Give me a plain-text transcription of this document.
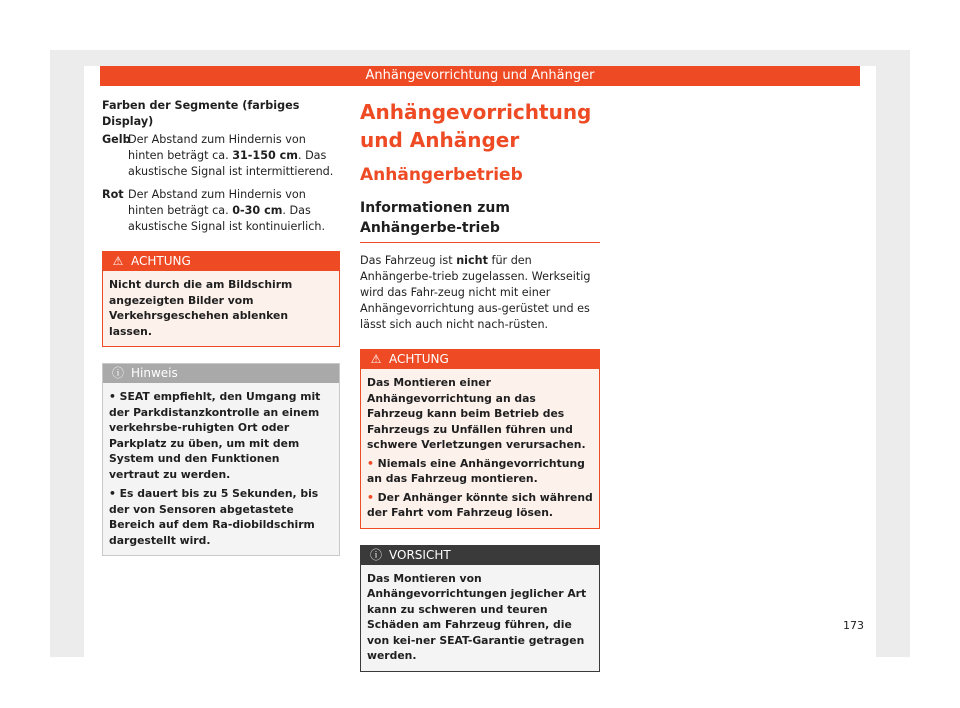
Anhängevorrichtung und Anhänger
Farben der Segmente (farbiges Display)
Gelb
Der Abstand zum Hindernis von hinten beträgt ca. 31-150 cm. Das akustische Signal ist intermittierend.
Rot Der Abstand zum Hindernis von hinten beträgt ca. 0-30 cm. Das akustische Signal ist kontinuierlich.
⚠ ACHTUNG
Nicht durch die am Bildschirm angezeigten Bilder vom Verkehrsgeschehen ablenken lassen.
ⓘ Hinweis
• SEAT empfiehlt, den Umgang mit der Parkdistanzkontrolle an einem verkehrsbe-ruhigten Ort oder Parkplatz zu üben, um mit dem System und den Funktionen vertraut zu werden.
• Es dauert bis zu 5 Sekunden, bis der von Sensoren abgetastete Bereich auf dem Ra-diobildschirm dargestellt wird.
Anhängevorrichtung und Anhänger
Anhängerbetrieb
Informationen zum Anhängerbe-trieb
Das Fahrzeug ist nicht für den Anhängerbe-trieb zugelassen. Werkseitig wird das Fahr-zeug nicht mit einer Anhängevorrichtung aus-gerüstet und es lässt sich auch nicht nach-rüsten.
⚠ ACHTUNG
Das Montieren einer Anhängevorrichtung an das Fahrzeug kann beim Betrieb des Fahrzeugs zu Unfällen führen und schwere Verletzungen verursachen.
• Niemals eine Anhängevorrichtung an das Fahrzeug montieren.
• Der Anhänger könnte sich während der Fahrt vom Fahrzeug lösen.
ⓘ VORSICHT
Das Montieren von Anhängevorrichtungen jeglicher Art kann zu schweren und teuren Schäden am Fahrzeug führen, die von kei-ner SEAT-Garantie getragen werden.
173
